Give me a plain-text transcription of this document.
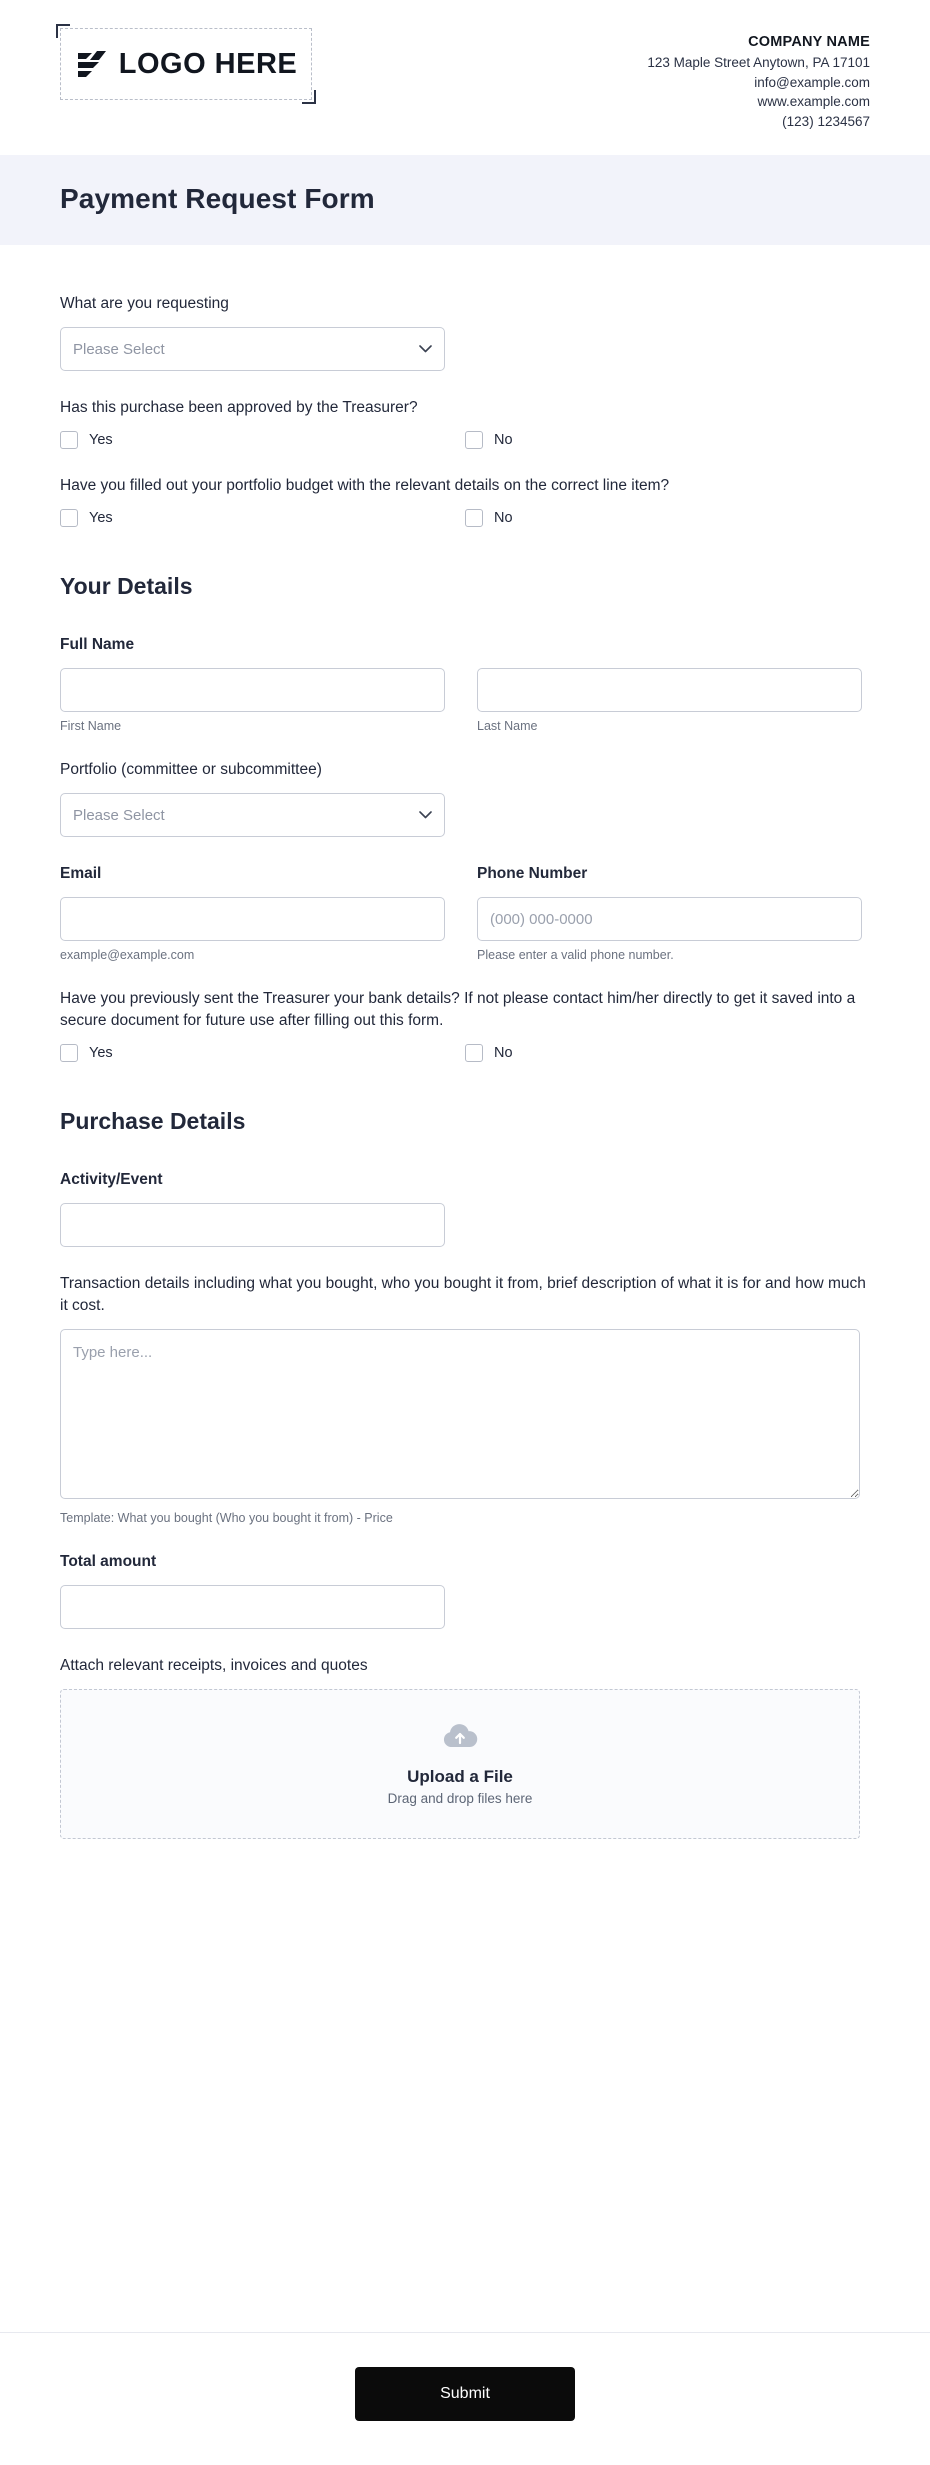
LOGO HERE
COMPANY NAME
123 Maple Street Anytown, PA 17101
info@example.com
www.example.com
(123) 1234567
Payment Request Form
What are you requesting
Please Select
Has this purchase been approved by the Treasurer?
Yes	No
Have you filled out your portfolio budget with the relevant details on the correct line item?
Yes	No
Your Details
Full Name
First Name	Last Name
Portfolio (committee or subcommittee)
Please Select
Email
example@example.com
Phone Number
(000) 000-0000
Please enter a valid phone number.
Have you previously sent the Treasurer your bank details? If not please contact him/her directly to get it saved into a secure document for future use after filling out this form.
Yes	No
Purchase Details
Activity/Event
Transaction details including what you bought, who you bought it from, brief description of what it is for and how much it cost.
Type here...
Template: What you bought (Who you bought it from) - Price
Total amount
Attach relevant receipts, invoices and quotes
Upload a File
Drag and drop files here
Submit
